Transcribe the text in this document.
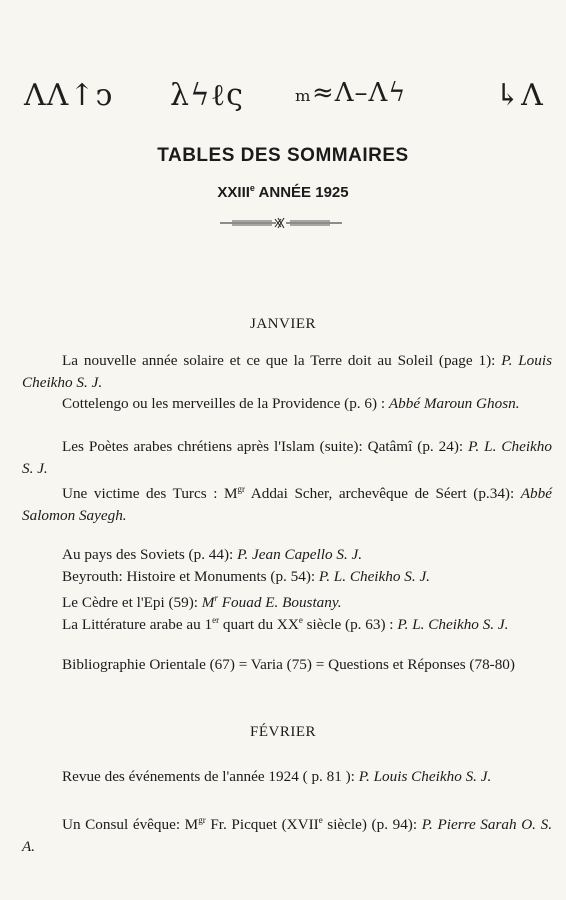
ΛΛ↑ↄ λϟℓς ₘ≈Λ–Λϟ	↳Λ
TABLES DES SOMMAIRES
XXIIIe ANNÉE 1925
JANVIER

La nouvelle année solaire et ce que la Terre doit au Soleil (page 1): P. Louis Cheikho S. J.

Cottelengo ou les merveilles de la Providence (p. 6) : Abbé Maroun Ghosn.

Les Poètes arabes chrétiens après l'Islam (suite): Qatâmî (p. 24): P. L. Cheikho S. J.

Une victime des Turcs : $M^{gr}$ Addai Scher, archevêque de Séert (p.34): Abbé Salomon Sayegh.

Au pays des Soviets (p. 44): P. Jean Capello S. J.

Beyrouth: Histoire et Monuments (p. 54): P. L. Cheikho S. J.

Le Cèdre et l'Epi (59): $M^r$ Fouad E. Boustany.

La Littérature arabe au 1er quart du XXe siècle (p. 63) : P. L. Cheikho S. J.

Bibliographie Orientale (67) = Varia (75) = Questions et Réponses (78-80)

FÉVRIER

Revue des événements de l'année 1924 ( p. 81 ): P. Louis Cheikho S. J.

Un Consul évêque: $M^{gr}$ Fr. Picquet (XVIIe siècle) (p. 94): P. Pierre Sarah O. S. A.
